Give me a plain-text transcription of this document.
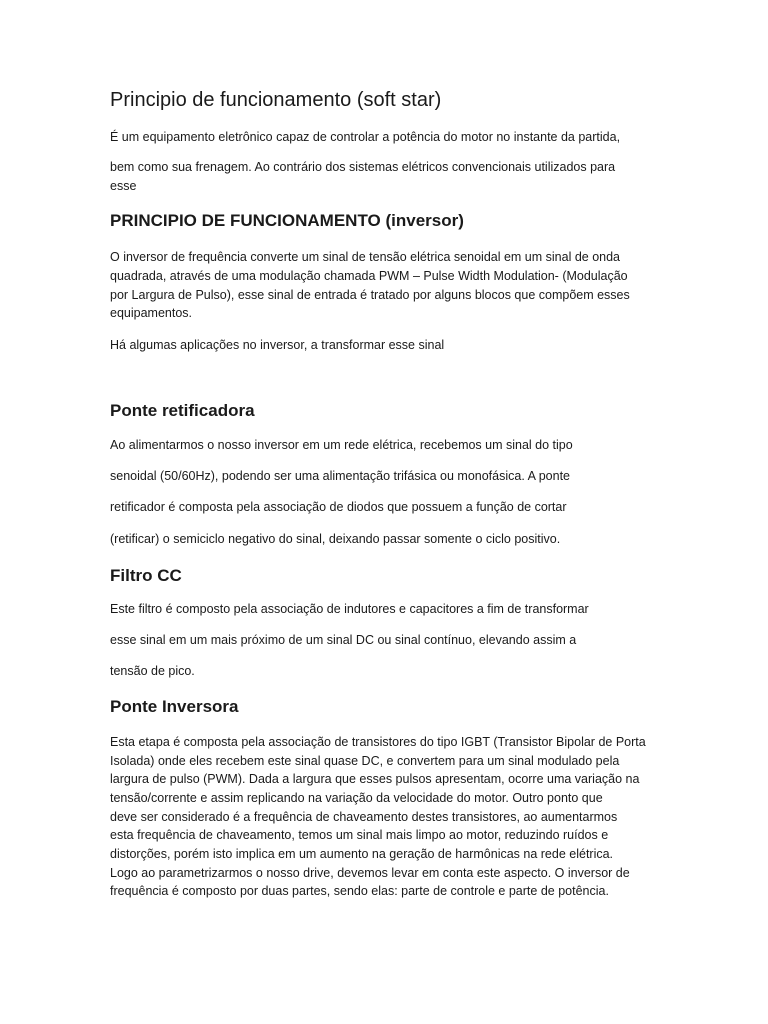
Principio de funcionamento (soft star)

É um equipamento eletrônico capaz de controlar a potência do motor no instante da partida,

bem como sua frenagem. Ao contrário dos sistemas elétricos convencionais utilizados para

esse

PRINCIPIO DE FUNCIONAMENTO (inversor)

O inversor de frequência converte um sinal de tensão elétrica senoidal em um sinal de onda

quadrada, através de uma modulação chamada PWM – Pulse Width Modulation- (Modulação

por Largura de Pulso), esse sinal de entrada é tratado por alguns blocos que compõem esses

equipamentos.

Há algumas aplicações no inversor, a transformar esse sinal

Ponte retificadora

Ao alimentarmos o nosso inversor em um rede elétrica, recebemos um sinal do tipo

senoidal (50/60Hz), podendo ser uma alimentação trifásica ou monofásica. A ponte

retificador é composta pela associação de diodos que possuem a função de cortar

(retificar) o semiciclo negativo do sinal, deixando passar somente o ciclo positivo.

Filtro CC

Este filtro é composto pela associação de indutores e capacitores a fim de transformar

esse sinal em um mais próximo de um sinal DC ou sinal contínuo, elevando assim a

tensão de pico.

Ponte Inversora

Esta etapa é composta pela associação de transistores do tipo IGBT (Transistor Bipolar de Porta

Isolada) onde eles recebem este sinal quase DC, e convertem para um sinal modulado pela

largura de pulso (PWM). Dada a largura que esses pulsos apresentam, ocorre uma variação na

tensão/corrente e assim replicando na variação da velocidade do motor. Outro ponto que

deve ser considerado é a frequência de chaveamento destes transistores, ao aumentarmos

esta frequência de chaveamento, temos um sinal mais limpo ao motor, reduzindo ruídos e

distorções, porém isto implica em um aumento na geração de harmônicas na rede elétrica.

Logo ao parametrizarmos o nosso drive, devemos levar em conta este aspecto. O inversor de

frequência é composto por duas partes, sendo elas: parte de controle e parte de potência.
